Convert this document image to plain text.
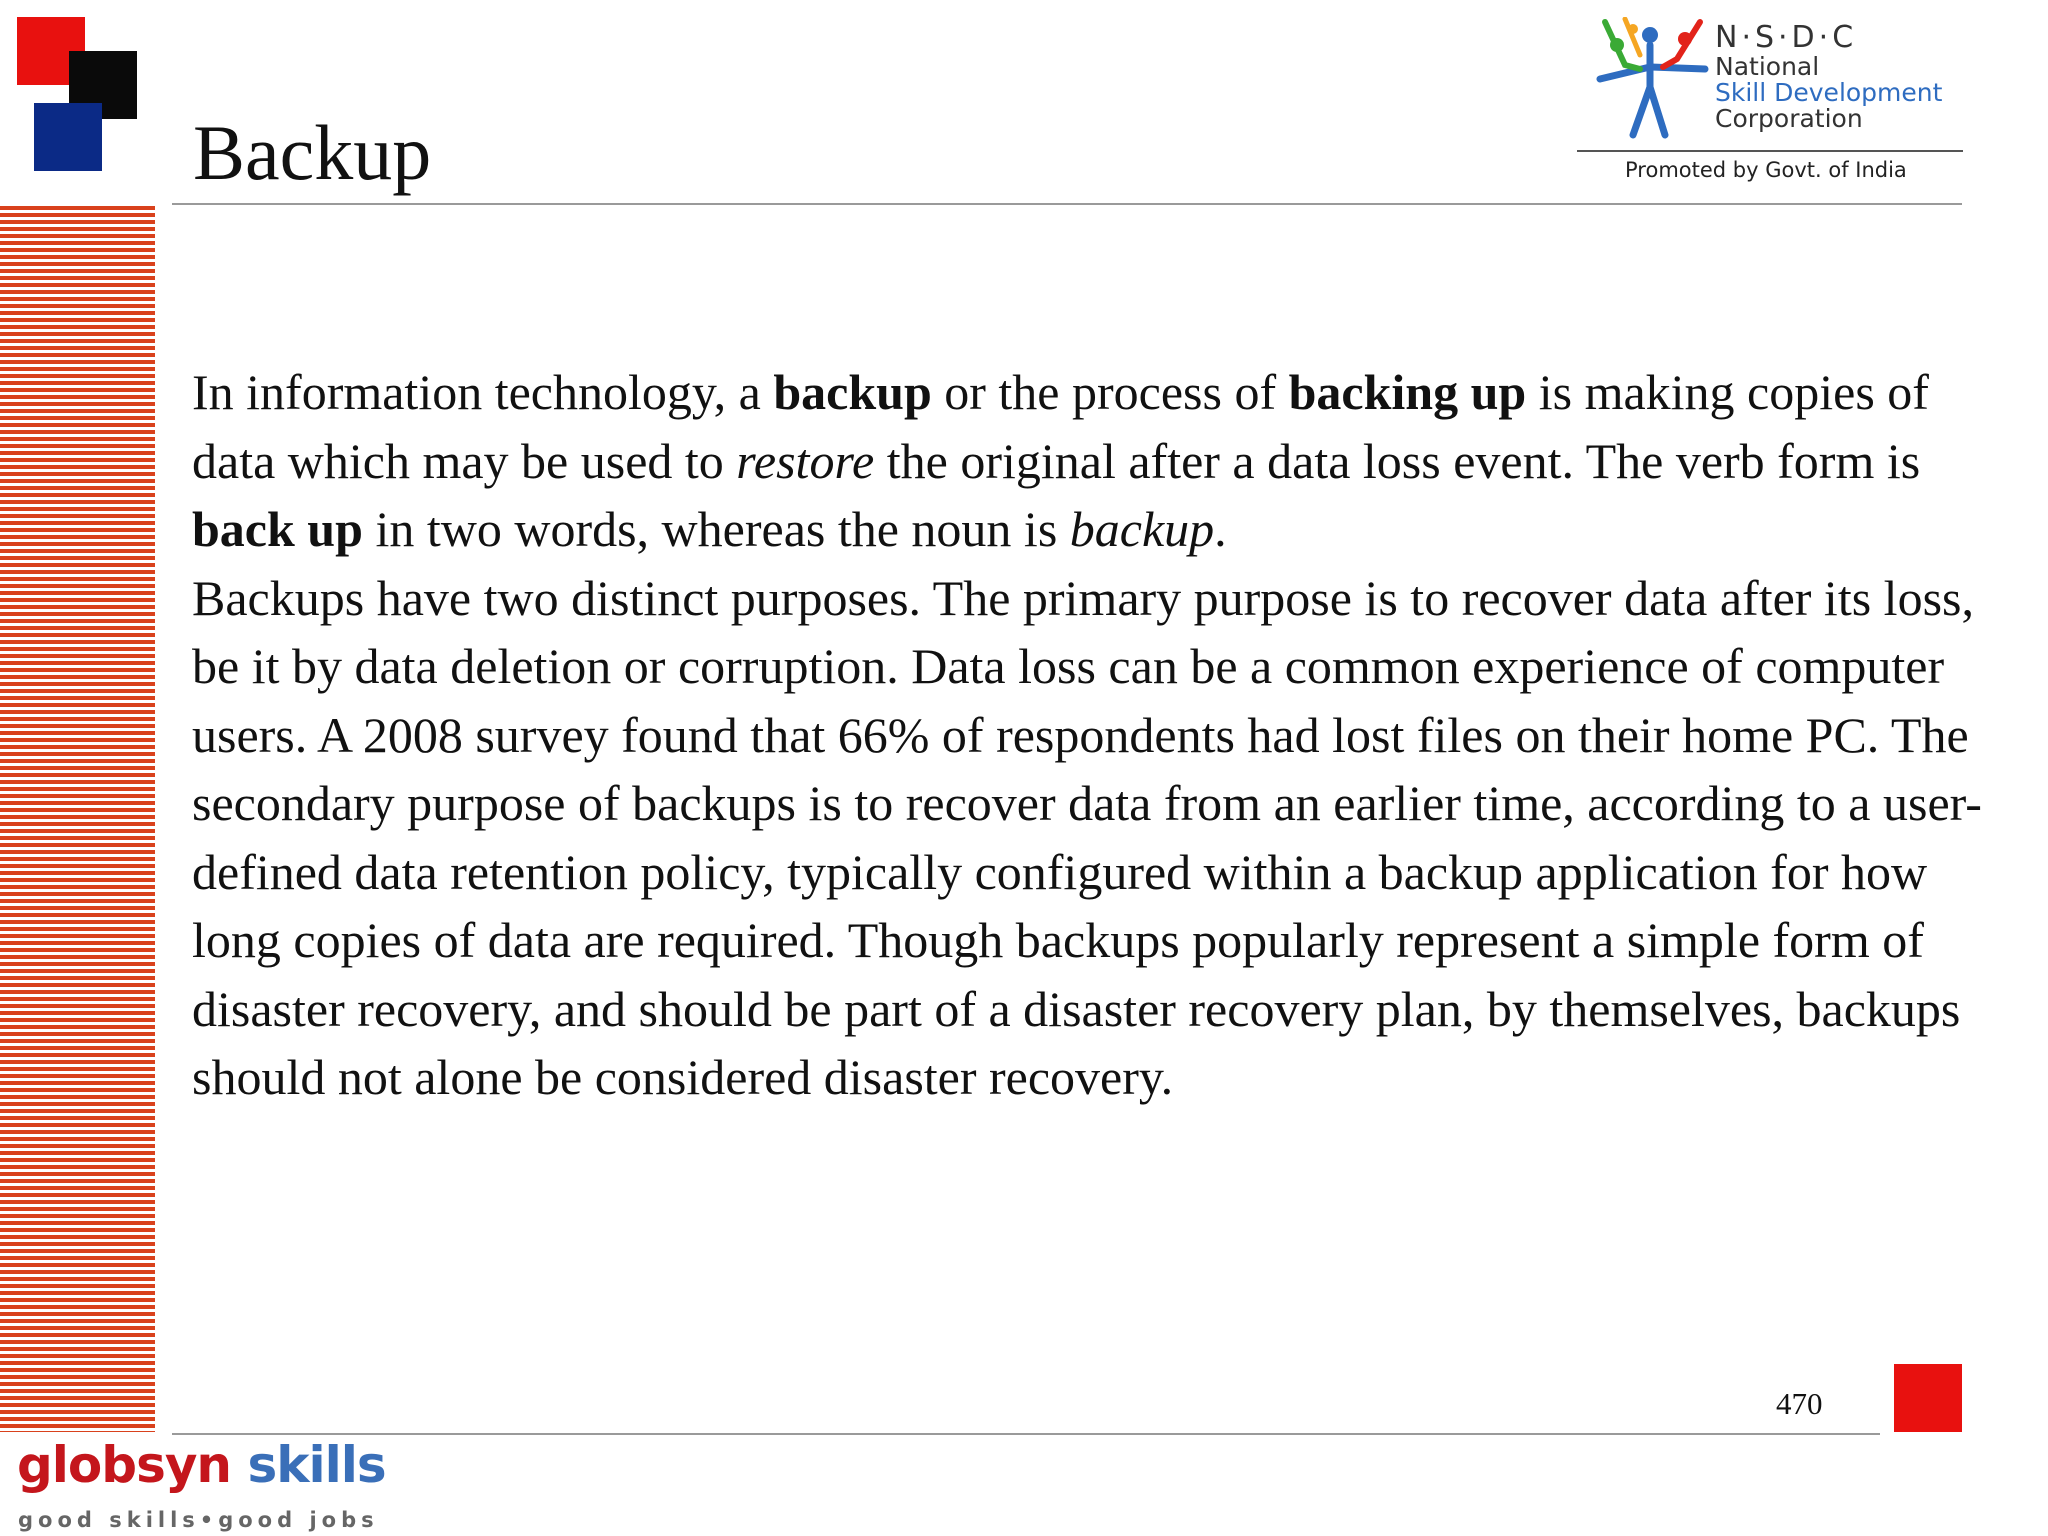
Backup
N·S·D·C
National
Skill Development
Corporation
Promoted by Govt. of India

In information technology, a backup or the process of backing up is making copies of data which may be used to restore the original after a data loss event. The verb form is back up in two words, whereas the noun is backup.

Backups have two distinct purposes. The primary purpose is to recover data after its loss, be it by data deletion or corruption. Data loss can be a common experience of computer users. A 2008 survey found that 66% of respondents had lost files on their home PC. The secondary purpose of backups is to recover data from an earlier time, according to a user-defined data retention policy, typically configured within a backup application for how long copies of data are required. Though backups popularly represent a simple form of disaster recovery, and should be part of a disaster recovery plan, by themselves, backups should not alone be considered disaster recovery.

470
globsyn skills
good skills•good jobs
